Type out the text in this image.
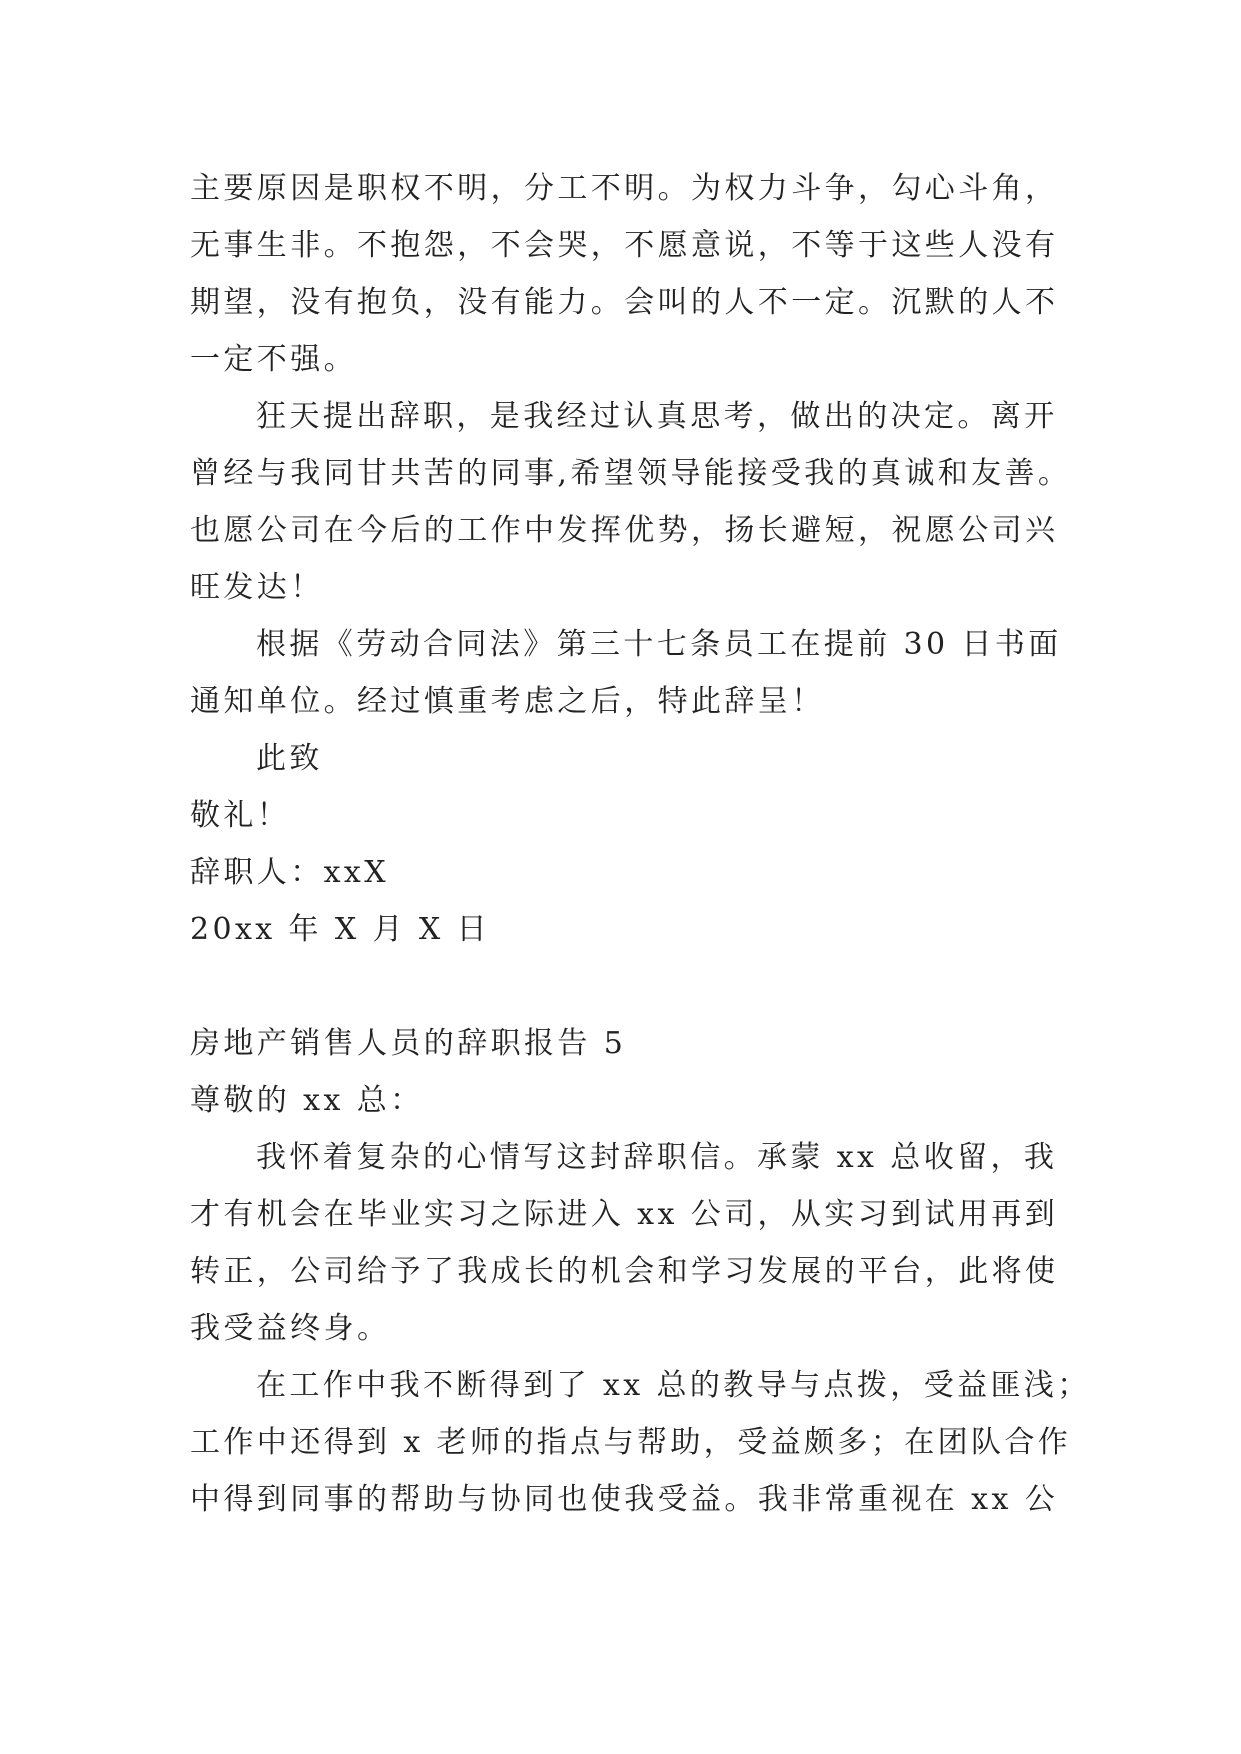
主要原因是职权不明，分工不明。为权力斗争，勾心斗角，
无事生非。不抱怨，不会哭，不愿意说，不等于这些人没有
期望，没有抱负，没有能力。会叫的人不一定。沉默的人不
一定不强。
狂天提出辞职，是我经过认真思考，做出的决定。离开
曾经与我同甘共苦的同事,希望领导能接受我的真诚和友善。
也愿公司在今后的工作中发挥优势，扬长避短，祝愿公司兴
旺发达！
根据《劳动合同法》第三十七条员工在提前 30 日书面
通知单位。经过慎重考虑之后，特此辞呈！
此致
敬礼！
辞职人：xxX
20xx 年 X 月 X 日
房地产销售人员的辞职报告 5
尊敬的 xx 总：
我怀着复杂的心情写这封辞职信。承蒙 xx 总收留，我
才有机会在毕业实习之际进入 xx 公司，从实习到试用再到
转正，公司给予了我成长的机会和学习发展的平台，此将使
我受益终身。
在工作中我不断得到了 xx 总的教导与点拨，受益匪浅；
工作中还得到 x 老师的指点与帮助，受益颇多；在团队合作
中得到同事的帮助与协同也使我受益。我非常重视在 xx 公
